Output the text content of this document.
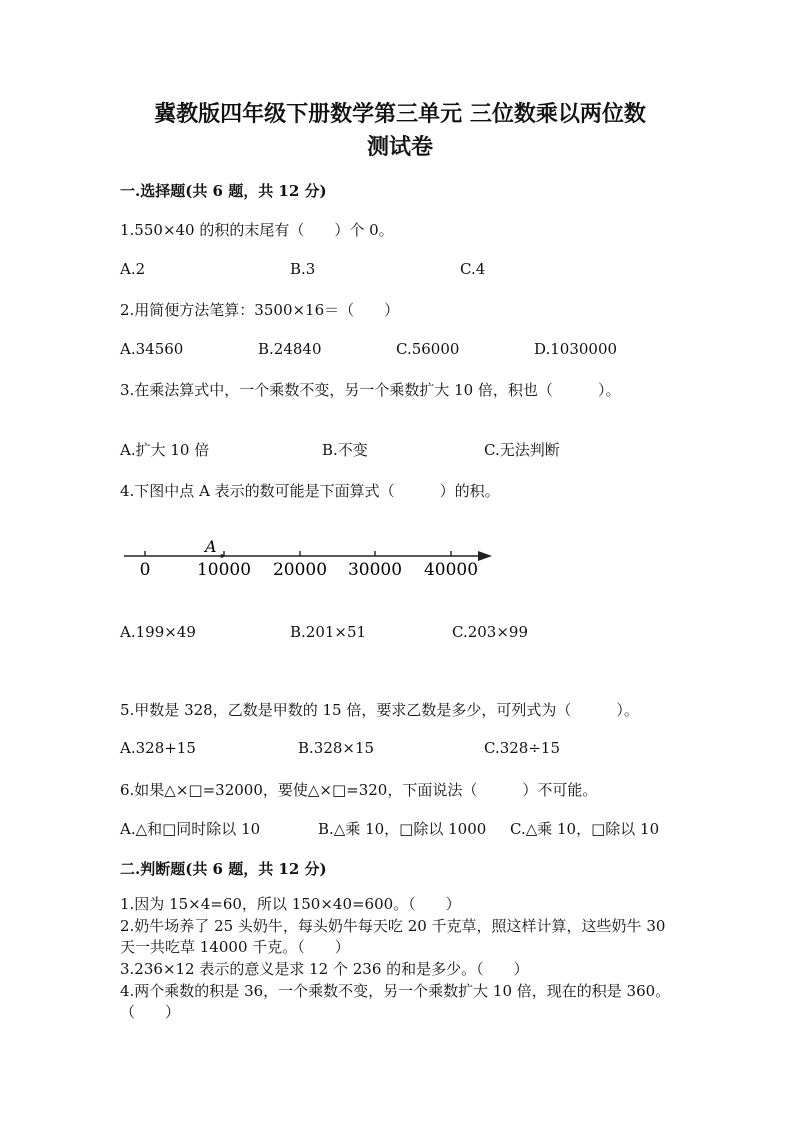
冀教版四年级下册数学第三单元 三位数乘以两位数
测试卷
一.选择题(共 6 题，共 12 分)
1.550×40 的积的末尾有（　　）个 0。
A.2	B.3	C.4
2.用简便方法笔算：3500×16＝（　　）
A.34560	B.24840	C.56000	D.1030000
3.在乘法算式中，一个乘数不变，另一个乘数扩大 10 倍，积也（　　　）。
A.扩大 10 倍	B.不变	C.无法判断
4.下图中点 A 表示的数可能是下面算式（　　　）的积。
A
0	10000 20000 30000 40000
A.199×49	B.201×51	C.203×99
5.甲数是 328，乙数是甲数的 15 倍，要求乙数是多少，可列式为（　　　）。
A.328+15	B.328×15	C.328÷15
6.如果△×□=32000，要使△×□=320，下面说法（　　　）不可能。
A.△和□同时除以 10	B.△乘 10，□除以 1000 C.△乘 10，□除以 10
二.判断题(共 6 题，共 12 分)
1.因为 15×4=60，所以 150×40=600。（　　）
2.奶牛场养了 25 头奶牛，每头奶牛每天吃 20 千克草，照这样计算，这些奶牛 30 天一共吃草 14000 千克。（　　）
3.236×12 表示的意义是求 12 个 236 的和是多少。（　　）
4.两个乘数的积是 36，一个乘数不变，另一个乘数扩大 10 倍，现在的积是 360。（　　）
